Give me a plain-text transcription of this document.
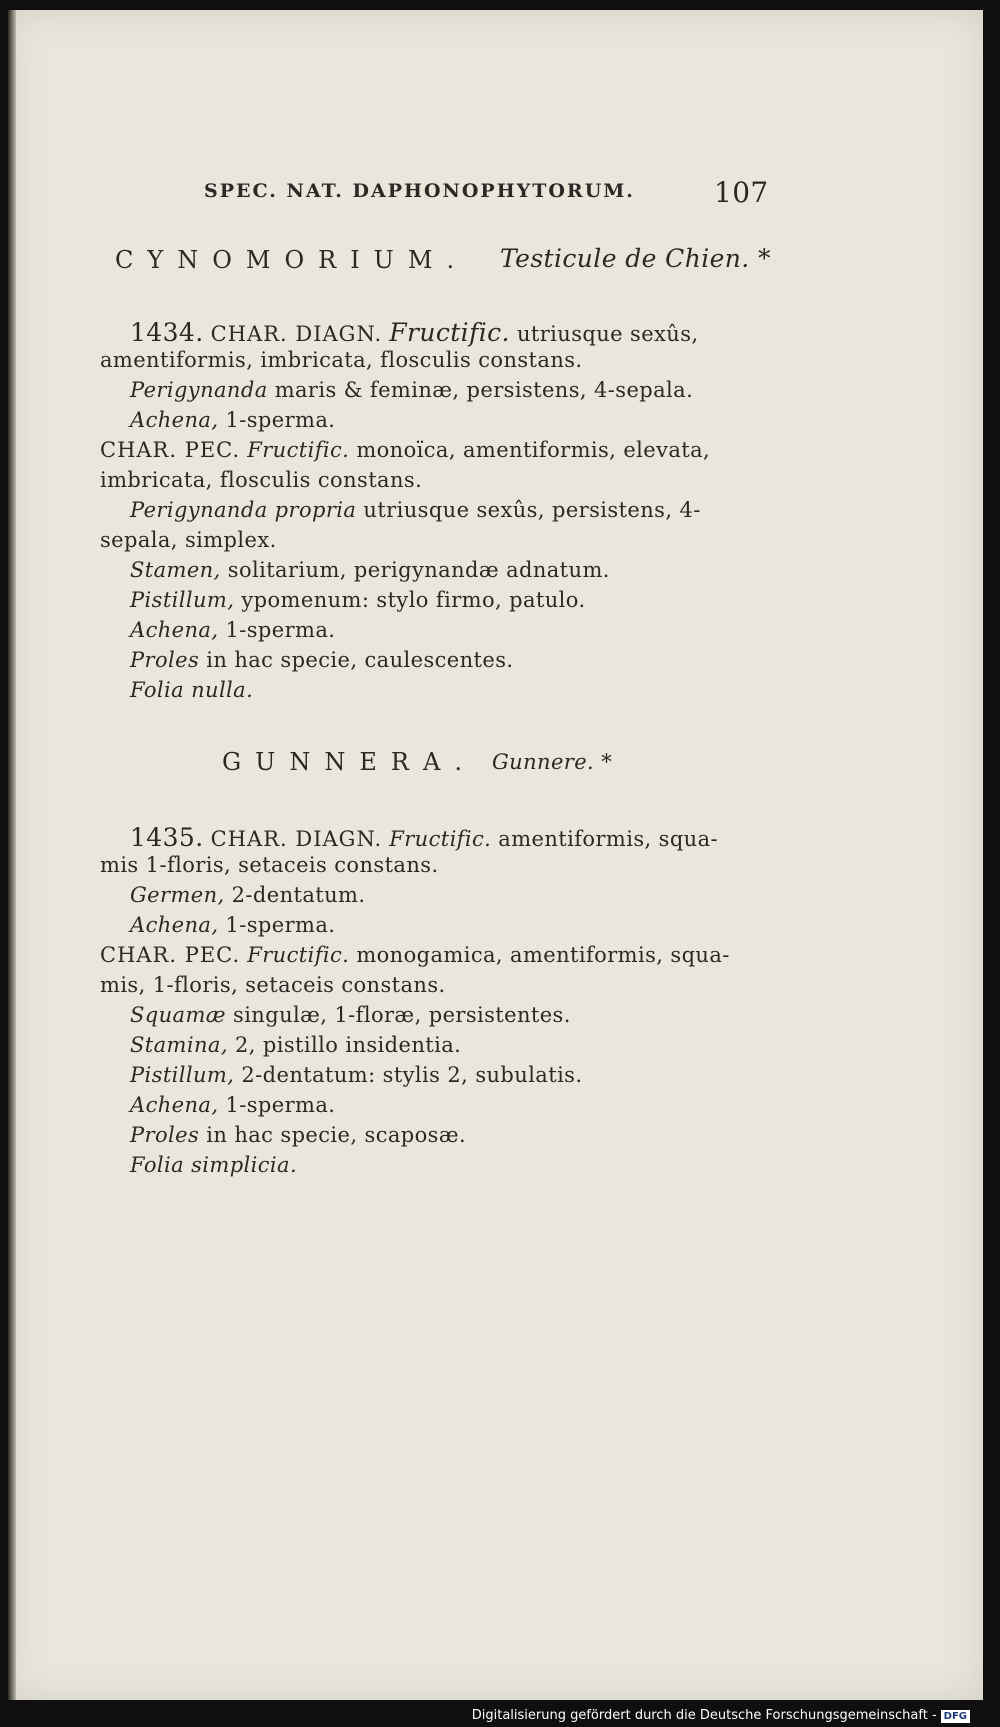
SPEC. NAT. DAPHONOPHYTORUM.	107
CYNOMORIUM. Testicule de Chien. *
1434. CHAR. DIAGN. Fructific. utriusque sexûs,
amentiformis, imbricata, flosculis constans.
Perigynanda maris & feminæ, persistens, 4-sepala.
Achena, 1-sperma.
CHAR. PEC. Fructific. monoïca, amentiformis, elevata,
imbricata, flosculis constans.
Perigynanda propria utriusque sexûs, persistens, 4-
sepala, simplex.
Stamen, solitarium, perigynandæ adnatum.
Pistillum, ypomenum: stylo firmo, patulo.
Achena, 1-sperma.
Proles in hac specie, caulescentes.
Folia nulla.
GUNNERA. Gunnere. *
1435. CHAR. DIAGN. Fructific. amentiformis, squa-
mis 1-floris, setaceis constans.
Germen, 2-dentatum.
Achena, 1-sperma.
CHAR. PEC. Fructific. monogamica, amentiformis, squa-
mis, 1-floris, setaceis constans.
Squamæ singulæ, 1-floræ, persistentes.
Stamina, 2, pistillo insidentia.
Pistillum, 2-dentatum: stylis 2, subulatis.
Achena, 1-sperma.
Proles in hac specie, scaposæ.
Folia simplicia.
Digitalisierung gefördert durch die Deutsche Forschungsgemeinschaft - DFG
